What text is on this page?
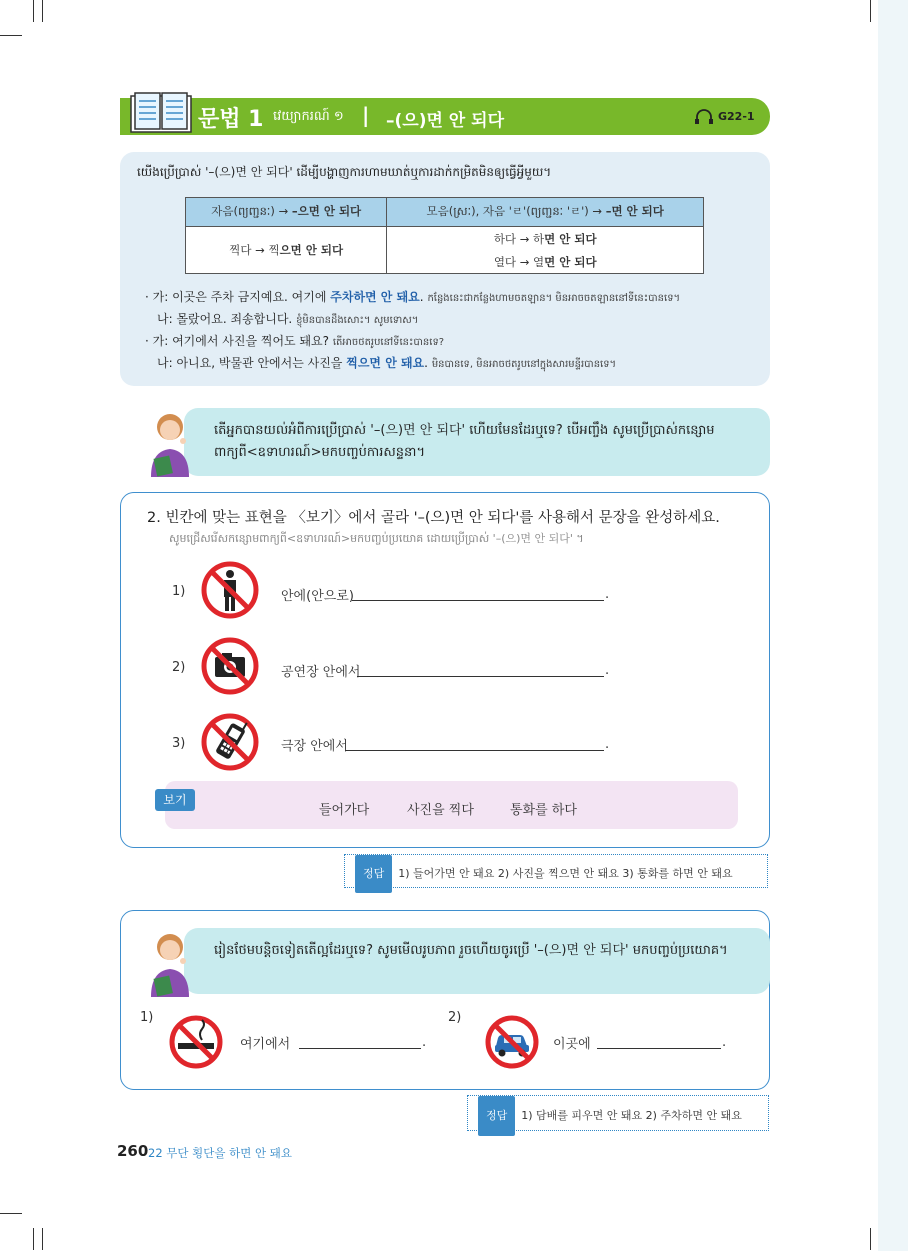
문법 1 វេយ្យាករណ៍ ១ | –(으)면 안 되다	G22-1
យើងប្រើប្រាស់ '–(으)면 안 되다' ដើម្បីបង្ហាញការហាមឃាត់ឬការដាក់កម្រិតមិនឲ្យធ្វើអ្វីមួយ។
자음(ព្យញ្ជនៈ) → –으면 안 되다	모음(ស្រៈ), 자음 'ㄹ'(ព្យញ្ជនៈ 'ㄹ') → –면 안 되다
찍다 → 찍으면 안 되다	하다 → 하면 안 되다
	열다 → 열면 안 되다
· 가: 이곳은 주차 금지예요. 여기에 주차하면 안 돼요. កន្លែងនេះជាកន្លែងហាមចតឡាន។ មិនអាចចតឡាននៅទីនេះបានទេ។
나: 몰랐어요. 죄송합니다. ខ្ញុំមិនបានដឹងសោះ។ សូមទោស។
· 가: 여기에서 사진을 찍어도 돼요? តើអាចថតរូបនៅទីនេះបានទេ?
나: 아니요, 박물관 안에서는 사진을 찍으면 안 돼요. មិនបានទេ, មិនអាចថតរូបនៅក្នុងសារមន្ទីរបានទេ។
តើអ្នកបានយល់អំពីការប្រើប្រាស់ '–(으)면 안 되다' ហើយមែនដែរឬទេ? បើអញ្ចឹង សូមប្រើប្រាស់កន្សោមពាក្យពី<ឧទាហរណ៍>មកបញ្ចប់ការសន្ទនា។
2. 빈칸에 맞는 표현을 〈보기〉에서 골라 '–(으)면 안 되다'를 사용해서 문장을 완성하세요.
សូមជ្រើសរើសកន្សោមពាក្យពី<ឧទាហរណ៍>មកបញ្ចប់ប្រយោគ ដោយប្រើប្រាស់ '–(으)면 안 되다' ។
1)	안에(안으로)	.
2)	공연장 안에서	.
3)	극장 안에서	.
보기
들어가다	사진을 찍다	통화를 하다
정답 1) 들어가면 안 돼요 2) 사진을 찍으면 안 돼요 3) 통화를 하면 안 돼요
រៀនថែមបន្តិចទៀតតើល្អដែរឬទេ? សូមមើលរូបភាព រួចហើយចូរប្រើ '–(으)면 안 되다' មកបញ្ចប់ប្រយោគ។
1)
여기에서	.
2)
이곳에	.
정답 1) 담배를 피우면 안 돼요 2) 주차하면 안 돼요
260 22 무단 횡단을 하면 안 돼요
